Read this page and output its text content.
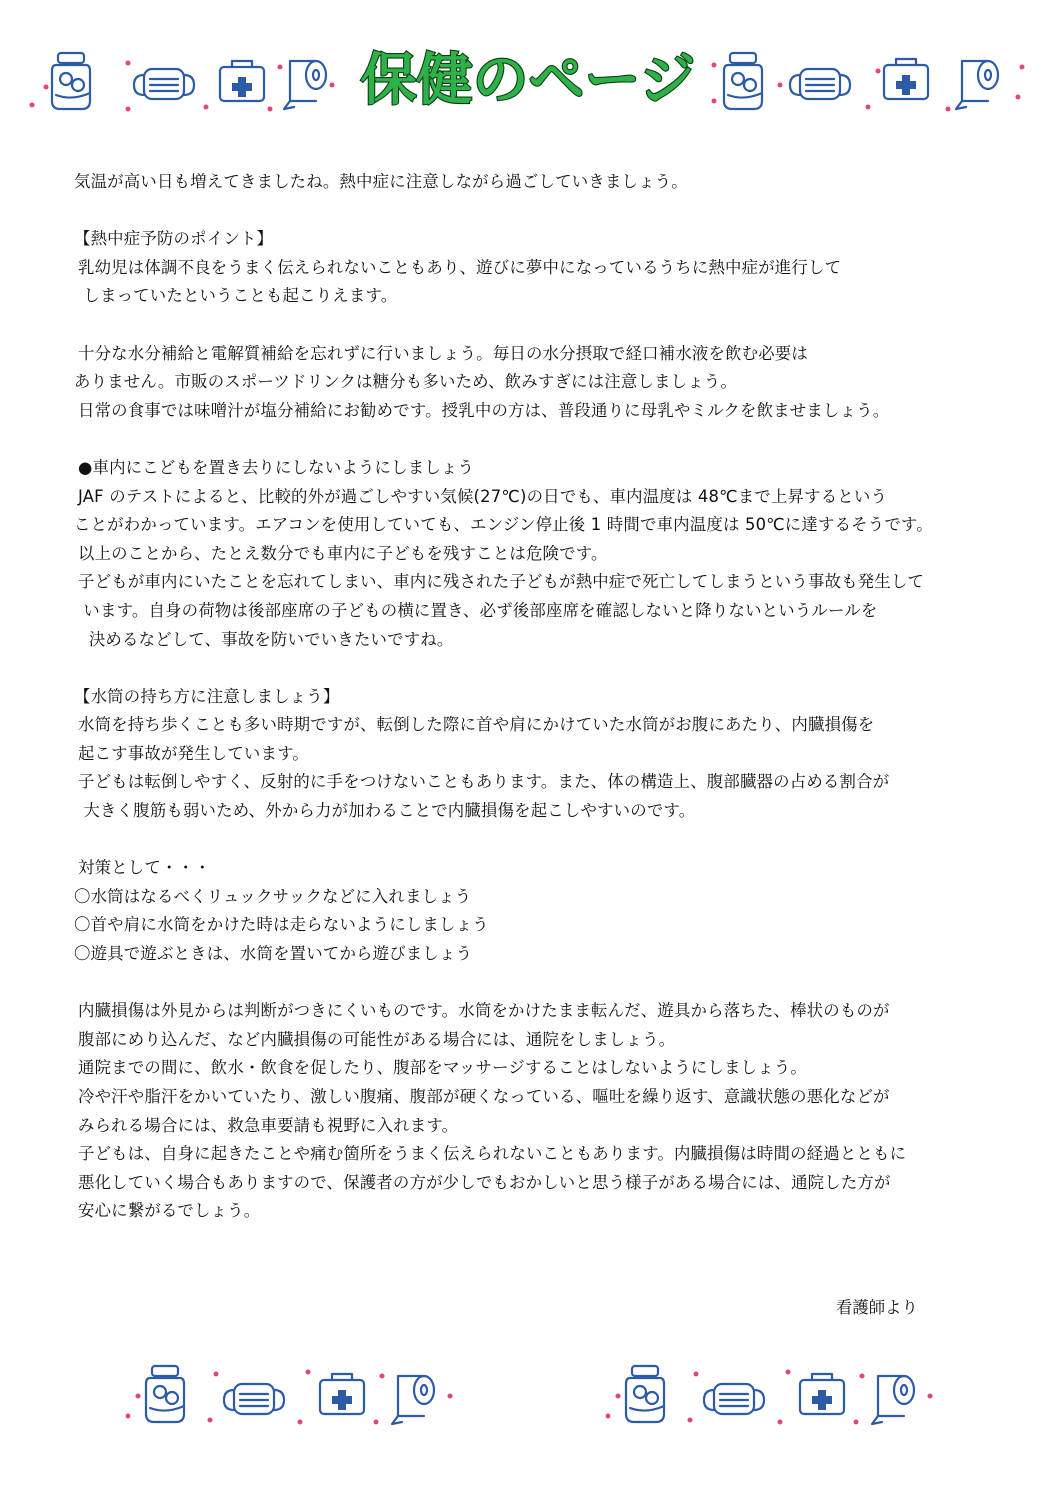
保健のページ
気温が高い日も増えてきましたね。熱中症に注意しながら過ごしていきましょう。
【熱中症予防のポイント】
乳幼児は体調不良をうまく伝えられないこともあり、遊びに夢中になっているうちに熱中症が進行して
しまっていたということも起こりえます。
十分な水分補給と電解質補給を忘れずに行いましょう。毎日の水分摂取で経口補水液を飲む必要は
ありません。市販のスポーツドリンクは糖分も多いため、飲みすぎには注意しましょう。
日常の食事では味噌汁が塩分補給にお勧めです。授乳中の方は、普段通りに母乳やミルクを飲ませましょう。
●車内にこどもを置き去りにしないようにしましょう
JAF のテストによると、比較的外が過ごしやすい気候(27℃)の日でも、車内温度は 48℃まで上昇するという
ことがわかっています。エアコンを使用していても、エンジン停止後 1 時間で車内温度は 50℃に達するそうです。
以上のことから、たとえ数分でも車内に子どもを残すことは危険です。
子どもが車内にいたことを忘れてしまい、車内に残された子どもが熱中症で死亡してしまうという事故も発生して
います。自身の荷物は後部座席の子どもの横に置き、必ず後部座席を確認しないと降りないというルールを
決めるなどして、事故を防いでいきたいですね。
【水筒の持ち方に注意しましょう】
水筒を持ち歩くことも多い時期ですが、転倒した際に首や肩にかけていた水筒がお腹にあたり、内臓損傷を
起こす事故が発生しています。
子どもは転倒しやすく、反射的に手をつけないこともあります。また、体の構造上、腹部臓器の占める割合が
大きく腹筋も弱いため、外から力が加わることで内臓損傷を起こしやすいのです。
対策として・・・
〇水筒はなるべくリュックサックなどに入れましょう
〇首や肩に水筒をかけた時は走らないようにしましょう
〇遊具で遊ぶときは、水筒を置いてから遊びましょう
内臓損傷は外見からは判断がつきにくいものです。水筒をかけたまま転んだ、遊具から落ちた、棒状のものが
腹部にめり込んだ、など内臓損傷の可能性がある場合には、通院をしましょう。
通院までの間に、飲水・飲食を促したり、腹部をマッサージすることはしないようにしましょう。
冷や汗や脂汗をかいていたり、激しい腹痛、腹部が硬くなっている、嘔吐を繰り返す、意識状態の悪化などが
みられる場合には、救急車要請も視野に入れます。
子どもは、自身に起きたことや痛む箇所をうまく伝えられないこともあります。内臓損傷は時間の経過とともに
悪化していく場合もありますので、保護者の方が少しでもおかしいと思う様子がある場合には、通院した方が
安心に繋がるでしょう。
看護師より
